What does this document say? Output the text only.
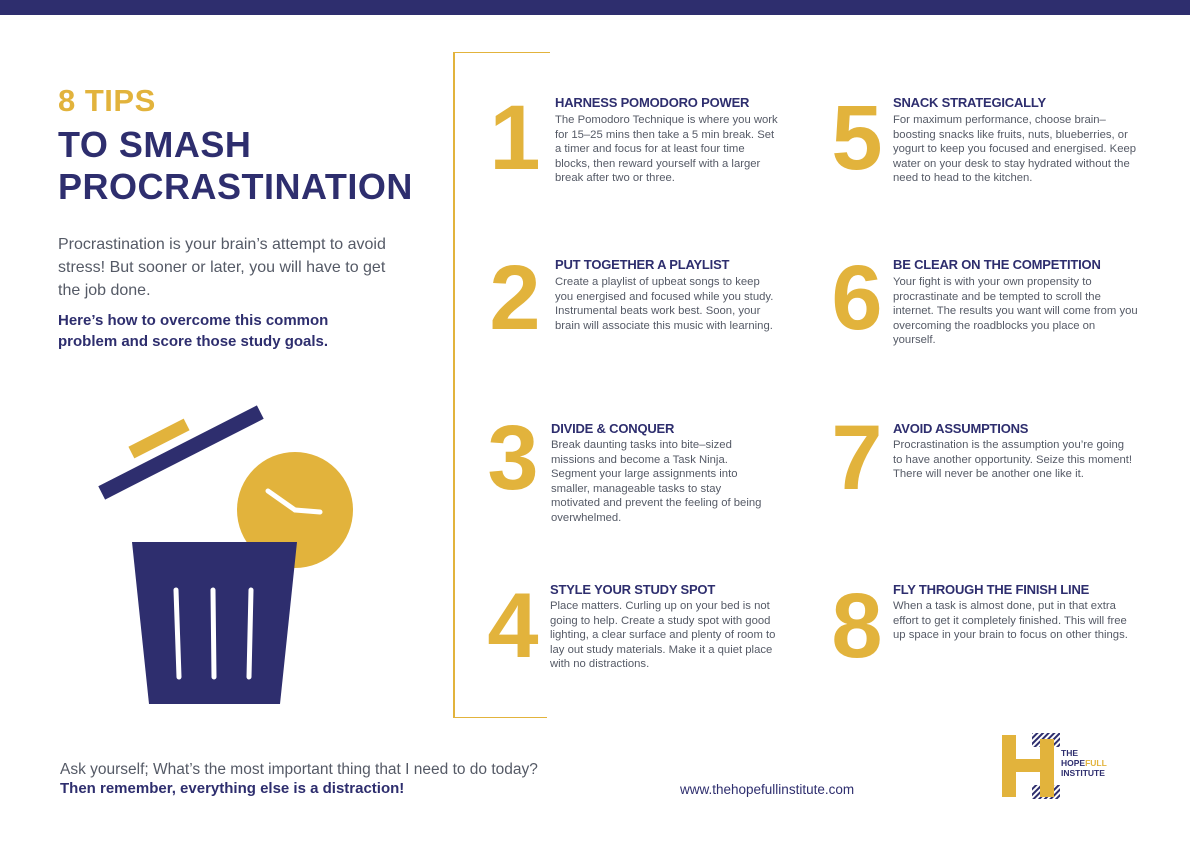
8 TIPS
TO SMASH
PROCRASTINATION
Procrastination is your brain’s attempt to avoid stress! But sooner or later, you will have to get the job done.
Here’s how to overcome this common problem and score those study goals.
1	HARNESS POMODORO POWER
The Pomodoro Technique is where you work for 15–25 mins then take a 5 min break. Set a timer and focus for at least four time blocks, then reward yourself with a larger break after two or three.
2	PUT TOGETHER A PLAYLIST
Create a playlist of upbeat songs to keep you energised and focused while you study. Instrumental beats work best. Soon, your brain will associate this music with learning.
3 DIVIDE & CONQUER
Break daunting tasks into bite–sized missions and become a Task Ninja. Segment your large assignments into smaller, manageable tasks to stay motivated and prevent the feeling of being overwhelmed.
4 STYLE YOUR STUDY SPOT
Place matters. Curling up on your bed is not going to help. Create a study spot with good lighting, a clear surface and plenty of room to lay out study materials. Make it a quiet place with no distractions.
5 SNACK STRATEGICALLY
For maximum performance, choose brain–boosting snacks like fruits, nuts, blueberries, or yogurt to keep you focused and energised. Keep water on your desk to stay hydrated without the need to head to the kitchen.
6 BE CLEAR ON THE COMPETITION
Your fight is with your own propensity to procrastinate and be tempted to scroll the internet. The results you want will come from you overcoming the roadblocks you place on yourself.
7 AVOID ASSUMPTIONS
Procrastination is the assumption you’re going to have another opportunity. Seize this moment! There will never be another one like it.
8 FLY THROUGH THE FINISH LINE
When a task is almost done, put in that extra effort to get it completely finished. This will free up space in your brain to focus on other things.
Ask yourself; What’s the most important thing that I need to do today?
Then remember, everything else is a distraction!	www.thehopefullinstitute.com
THE
HOPEFULL
INSTITUTE
